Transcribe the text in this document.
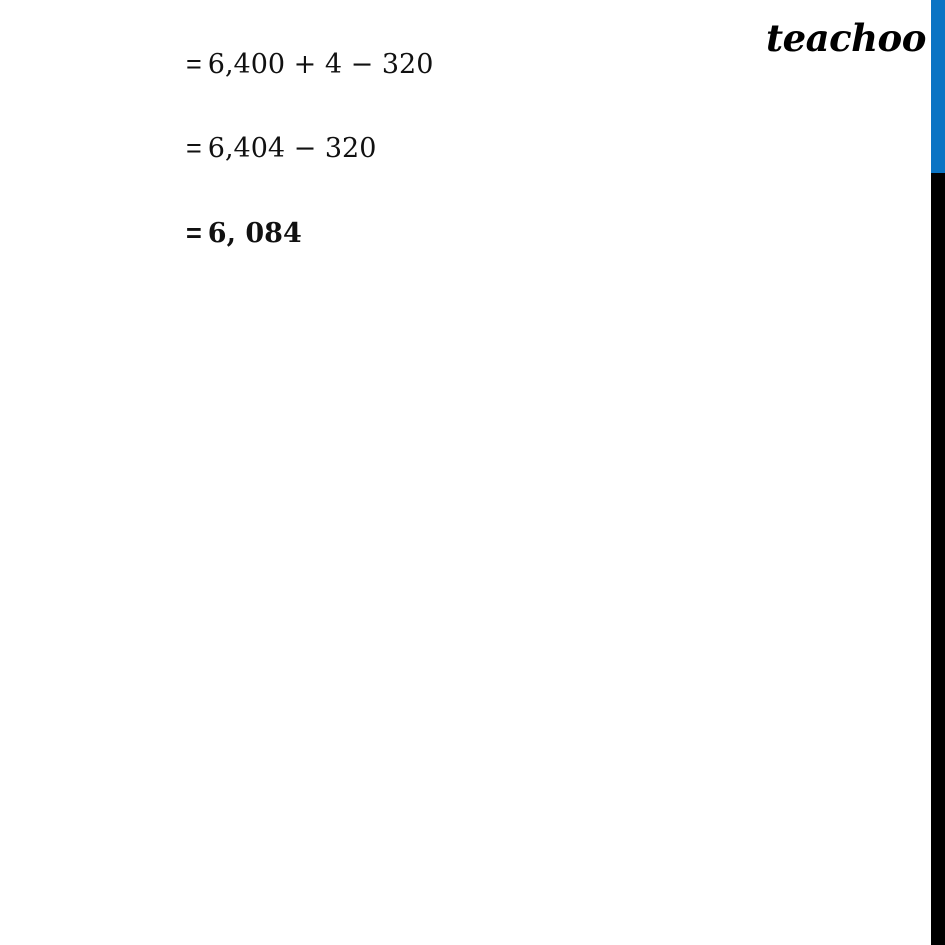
teachoo
= 6,400 + 4 − 320
= 6,404 − 320
= 6, 084
